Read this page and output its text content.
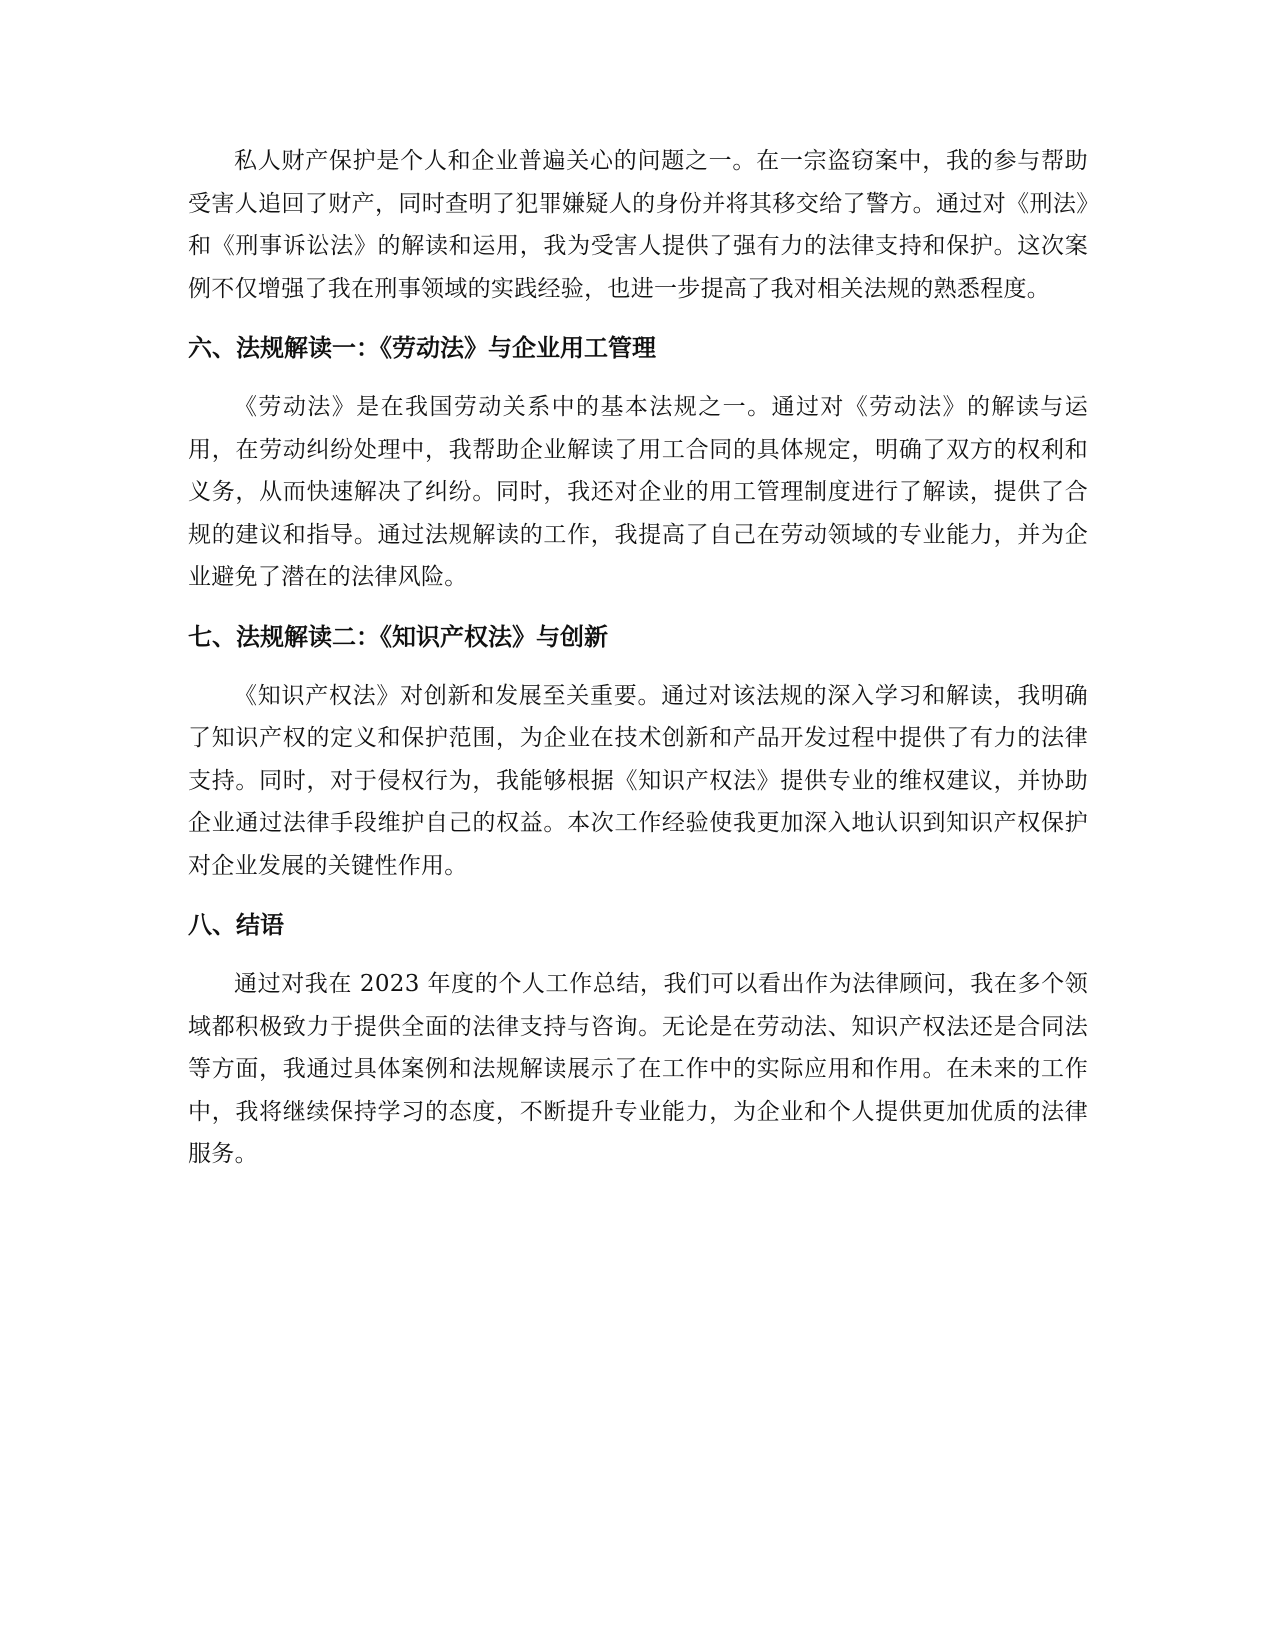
私人财产保护是个人和企业普遍关心的问题之一。在一宗盗窃案中，我的参与帮助受害人追回了财产，同时查明了犯罪嫌疑人的身份并将其移交给了警方。通过对《刑法》和《刑事诉讼法》的解读和运用，我为受害人提供了强有力的法律支持和保护。这次案例不仅增强了我在刑事领域的实践经验，也进一步提高了我对相关法规的熟悉程度。

六、法规解读一：《劳动法》与企业用工管理

《劳动法》是在我国劳动关系中的基本法规之一。通过对《劳动法》的解读与运用，在劳动纠纷处理中，我帮助企业解读了用工合同的具体规定，明确了双方的权利和义务，从而快速解决了纠纷。同时，我还对企业的用工管理制度进行了解读，提供了合规的建议和指导。通过法规解读的工作，我提高了自己在劳动领域的专业能力，并为企业避免了潜在的法律风险。

七、法规解读二：《知识产权法》与创新

《知识产权法》对创新和发展至关重要。通过对该法规的深入学习和解读，我明确了知识产权的定义和保护范围，为企业在技术创新和产品开发过程中提供了有力的法律支持。同时，对于侵权行为，我能够根据《知识产权法》提供专业的维权建议，并协助企业通过法律手段维护自己的权益。本次工作经验使我更加深入地认识到知识产权保护对企业发展的关键性作用。

八、结语

通过对我在 2023 年度的个人工作总结，我们可以看出作为法律顾问，我在多个领域都积极致力于提供全面的法律支持与咨询。无论是在劳动法、知识产权法还是合同法等方面，我通过具体案例和法规解读展示了在工作中的实际应用和作用。在未来的工作中，我将继续保持学习的态度，不断提升专业能力，为企业和个人提供更加优质的法律服务。
